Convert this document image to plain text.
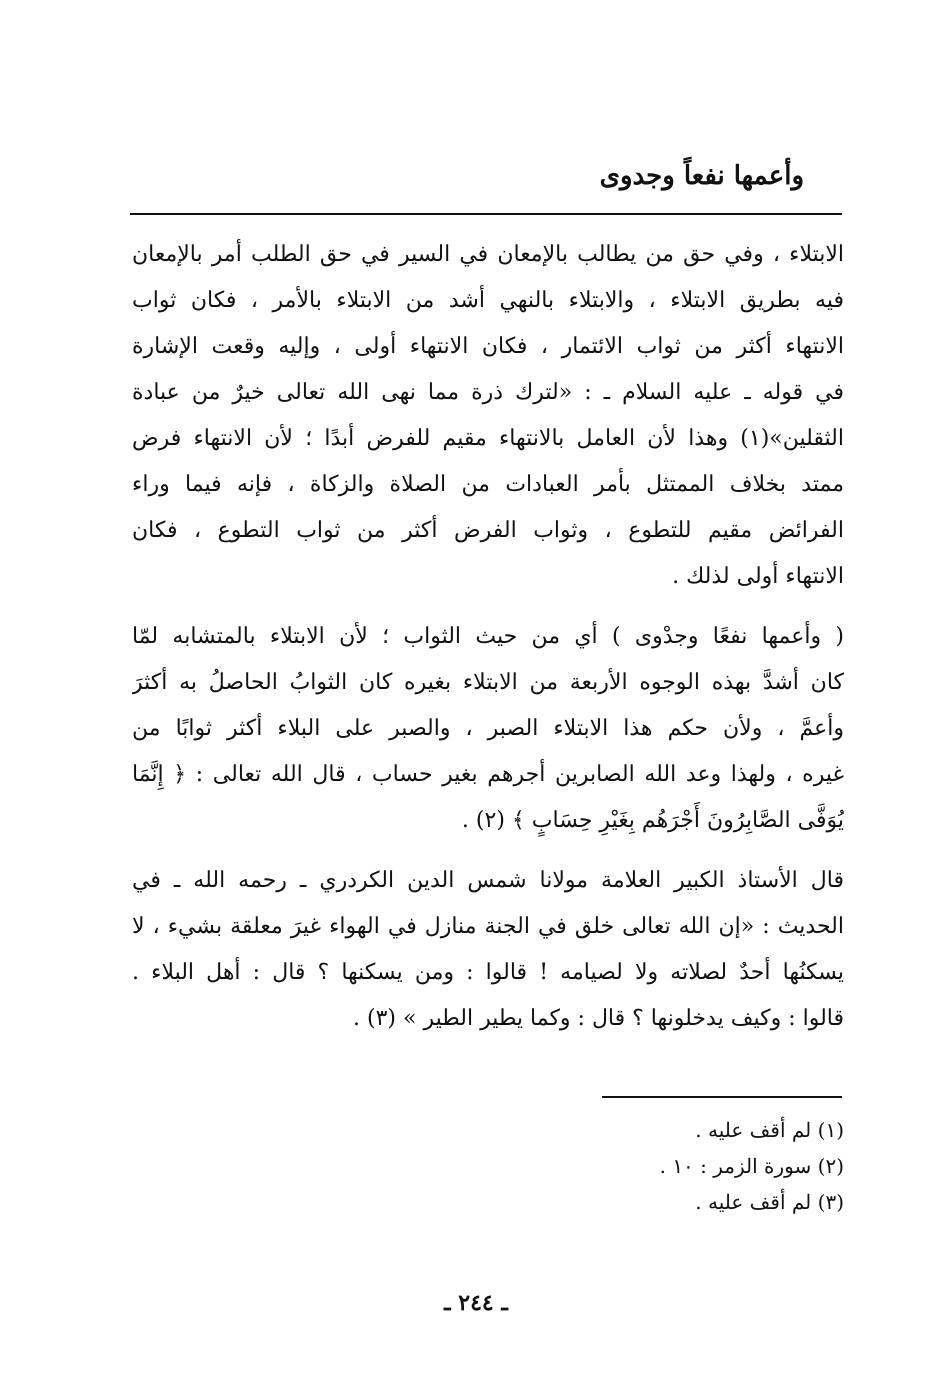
وأعمها نفعاً وجدوى
الابتلاء ، وفي حق من يطالب بالإمعان في السير في حق الطلب أمر بالإمعان
فيه بطريق الابتلاء ، والابتلاء بالنهي أشد من الابتلاء بالأمر ، فكان ثواب
الانتهاء أكثر من ثواب الائتمار ، فكان الانتهاء أولى ، وإليه وقعت الإشارة
في قوله ـ عليه السلام ـ : «لترك ذرة مما نهى الله تعالى خيرٌ من عبادة
الثقلين»(١) وهذا لأن العامل بالانتهاء مقيم للفرض أبدًا ؛ لأن الانتهاء فرض
ممتد بخلاف الممتثل بأمر العبادات من الصلاة والزكاة ، فإنه فيما وراء
الفرائض مقيم للتطوع ، وثواب الفرض أكثر من ثواب التطوع ، فكان
الانتهاء أولى لذلك .
( وأعمها نفعًا وجدْوى ) أي من حيث الثواب ؛ لأن الابتلاء بالمتشابه لمّا
كان أشدَّ بهذه الوجوه الأربعة من الابتلاء بغيره كان الثوابُ الحاصلُ به أكثرَ
وأعمَّ ، ولأن حكم هذا الابتلاء الصبر ، والصبر على البلاء أكثر ثوابًا من
غيره ، ولهذا وعد الله الصابرين أجرهم بغير حساب ، قال الله تعالى : ﴿ إِنَّمَا
يُوَفَّى الصَّابِرُونَ أَجْرَهُم بِغَيْرِ حِسَابٍ ﴾ (٢) .
قال الأستاذ الكبير العلامة مولانا شمس الدين الكردري ـ رحمه الله ـ في
الحديث : «إن الله تعالى خلق في الجنة منازل في الهواء غيرَ معلقة بشيء ، لا
يسكنُها أحدٌ لصلاته ولا لصيامه ! قالوا : ومن يسكنها ؟ قال : أهل البلاء .
قالوا : وكيف يدخلونها ؟ قال : وكما يطير الطير » (٣) .
(١) لم أقف عليه .
(٢) سورة الزمر : ١٠ .
(٣) لم أقف عليه .
ـ ٢٤٤ ـ
